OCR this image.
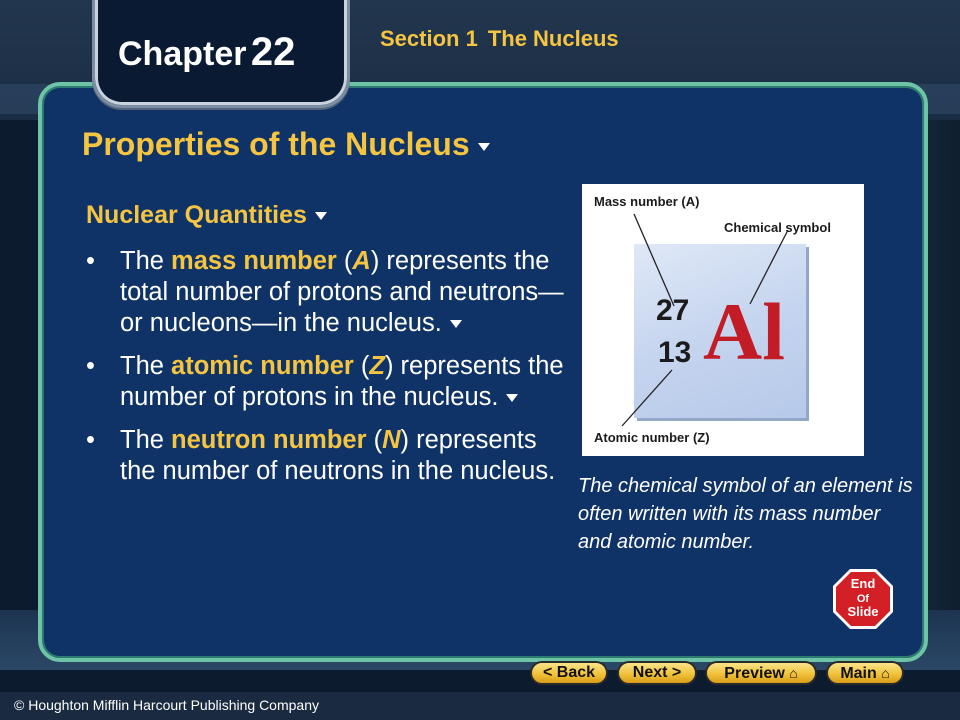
Chapter 22	Section 1 The Nucleus
Properties of the Nucleus
Nuclear Quantities
• The mass number (A) represents the total number of protons and neutrons—or nucleons—in the nucleus.
• The atomic number (Z) represents the number of protons in the nucleus.
• The neutron number (N) represents the number of neutrons in the nucleus.
Mass number (A)
Chemical symbol
Atomic number (Z)
27
13 Al
The chemical symbol of an element is often written with its mass number and atomic number.
End
Of
Slide
< Back	Next >	Preview ⌂	Main ⌂
© Houghton Mifflin Harcourt Publishing Company
